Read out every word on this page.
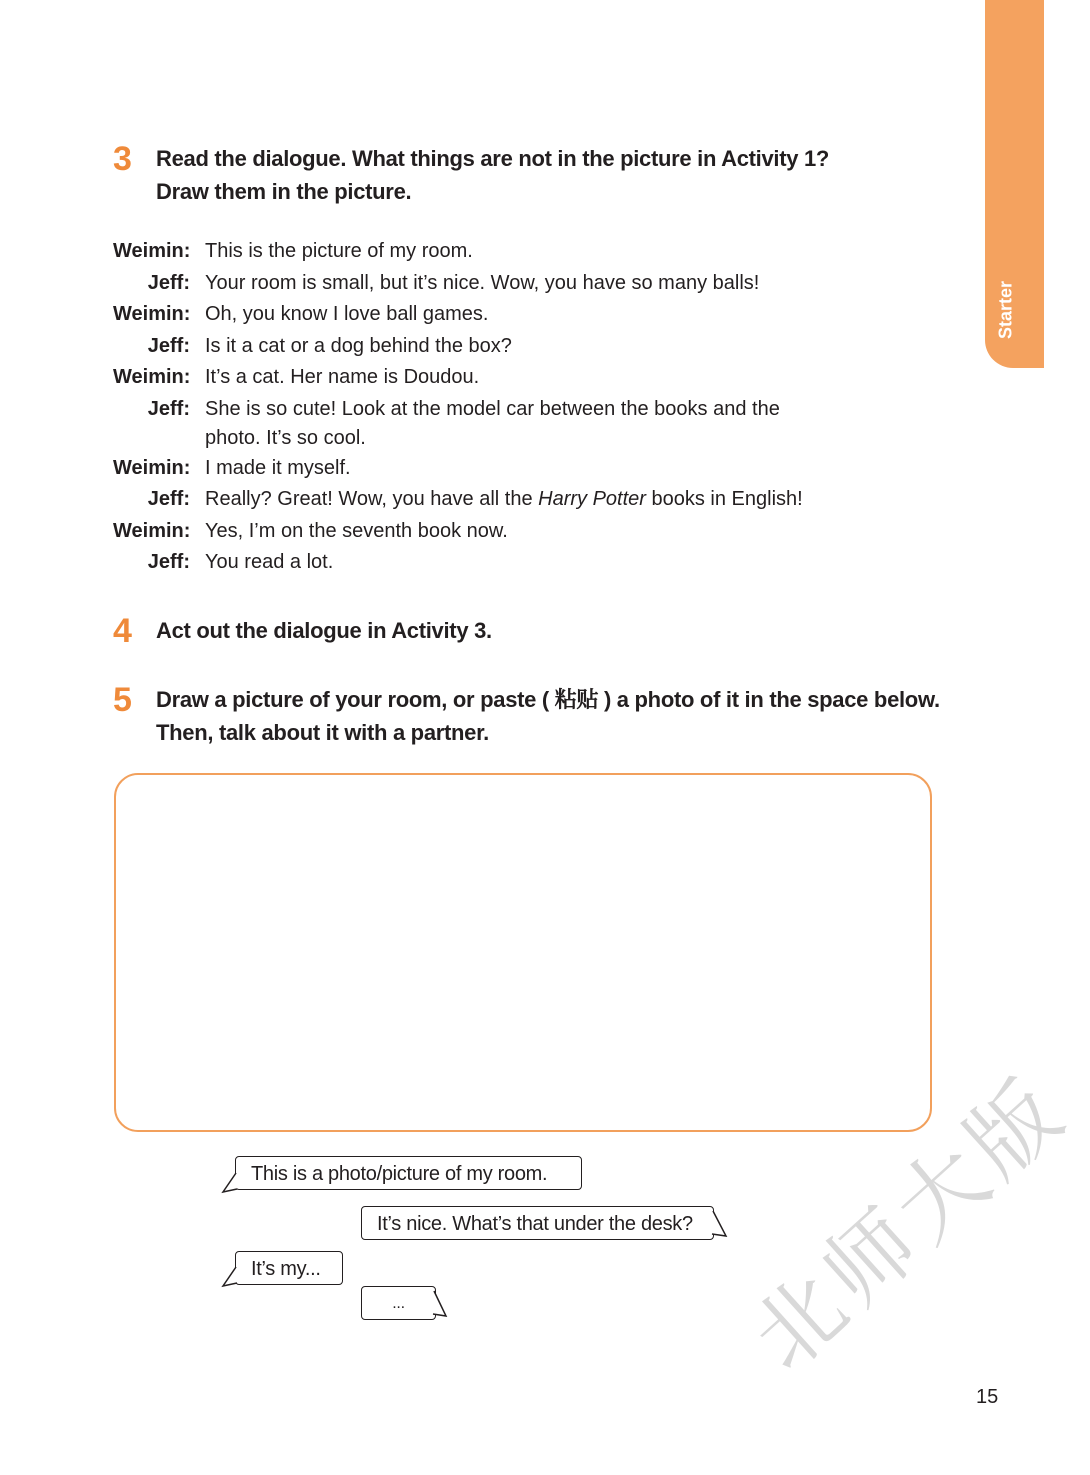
Starter
3	Read the dialogue. What things are not in the picture in Activity 1? Draw them in the picture.
Weimin: This is the picture of my room.
Jeff: Your room is small, but it’s nice. Wow, you have so many balls!
Weimin: Oh, you know I love ball games.
Jeff: Is it a cat or a dog behind the box?
Weimin: It’s a cat. Her name is Doudou.
Jeff: She is so cute! Look at the model car between the books and the photo. It’s so cool.
Weimin: I made it myself.
Jeff: Really? Great! Wow, you have all the Harry Potter books in English!
Weimin: Yes, I’m on the seventh book now.
Jeff: You read a lot.
4	Act out the dialogue in Activity 3.
5	Draw a picture of your room, or paste ( 粘贴 ) a photo of it in the space below. Then, talk about it with a partner.
This is a photo/picture of my room.
It’s nice. What’s that under the desk?
It’s my...
...	北师大版
15
